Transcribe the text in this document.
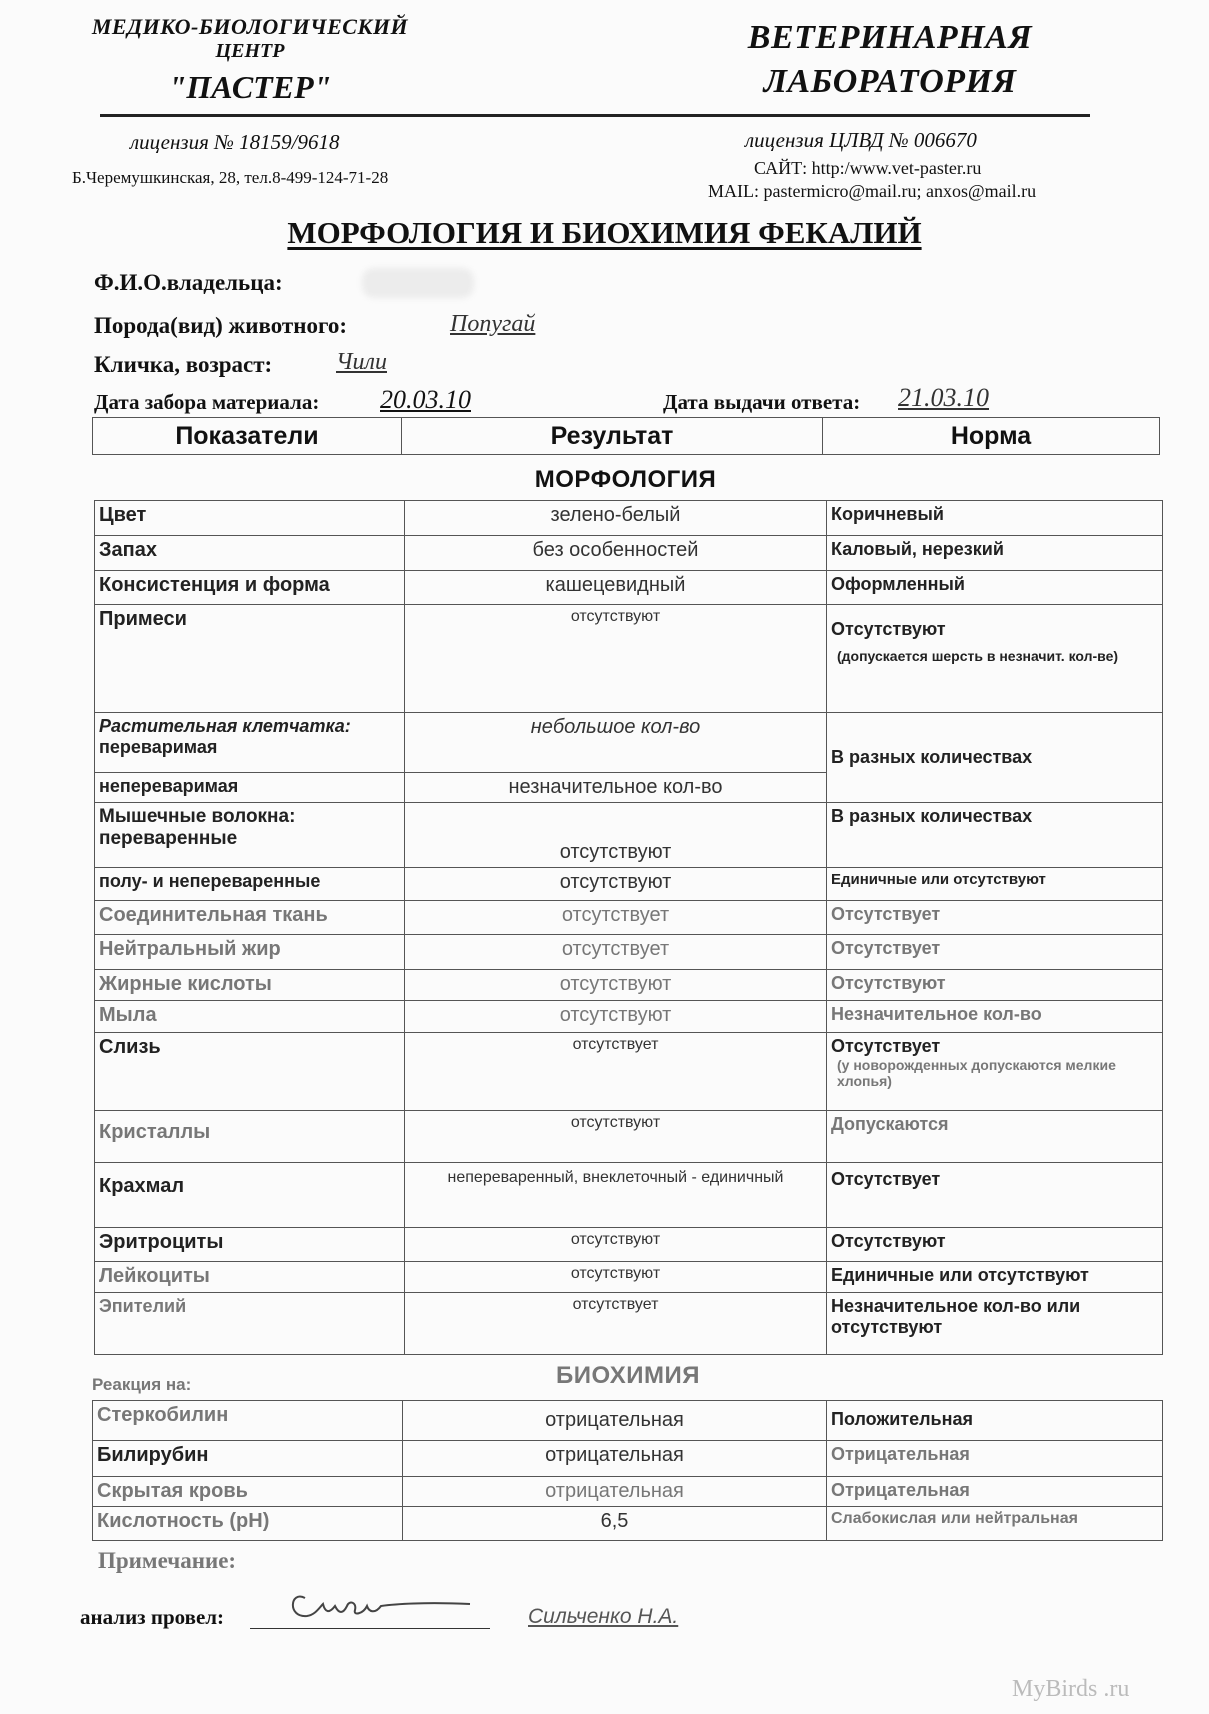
МЕДИКО-БИОЛОГИЧЕСКИЙ
ЦЕНТР
"ПАСТЕР"
ВЕТЕРИНАРНАЯ
ЛАБОРАТОРИЯ
лицензия № 18159/9618
Б.Черемушкинская, 28, тел.8-499-124-71-28
лицензия ЦЛВД № 006670
САЙТ: http:/www.vet-paster.ru
MAIL: pastermicro@mail.ru; anxos@mail.ru
МОРФОЛОГИЯ И БИОХИМИЯ ФЕКАЛИЙ
Ф.И.О.владельца:
Порода(вид) животного:	Попугай
Кличка, возраст:	Чили
Дата забора материала: 20.03.10	Дата выдачи ответа: 21.03.10
Показатели	Результат	Норма
МОРФОЛОГИЯ
Цвет	зелено-белый	Коричневый
Запах	без особенностей	Каловый, нерезкий
Консистенция и форма	кашецевидный	Оформленный
Примеси	отсутствуют	Отсутствуют
(допускается шерсть в незначит. кол-ве)

Растительная клетчатка:
переваримая	небольшое кол-во	В разных количествах
непереваримая	незначительное кол-во	

Мышечные волокна:
переваренные	отсутствуют	В разных количествах
полу- и непереваренные	отсутствуют	Единичные или отсутствуют
Соединительная ткань	отсутствует	Отсутствует
Нейтральный жир	отсутствует	Отсутствует
Жирные кислоты	отсутствуют	Отсутствуют
Мыла	отсутствуют	Незначительное кол-во
Слизь	отсутствует	Отсутствует
(у новорожденных допускаются мелкие хлопья)

Кристаллы	отсутствуют	Допускаются
Крахмал	непереваренный, внеклеточный - единичный	Отсутствует
Эритроциты	отсутствуют	Отсутствуют
Лейкоциты	отсутствуют	Единичные или отсутствуют
Эпителий	отсутствует	Незначительное кол-во или отсутствуют
БИОХИМИЯ
Реакция на:
Стеркобилин	отрицательная	Положительная
Билирубин	отрицательная	Отрицательная
Скрытая кровь	отрицательная	Отрицательная
Кислотность (рН)	6,5	Слабокислая или нейтральная
Примечание:
анализ провел:	Сильченко Н.А.
MyBirds .ru
